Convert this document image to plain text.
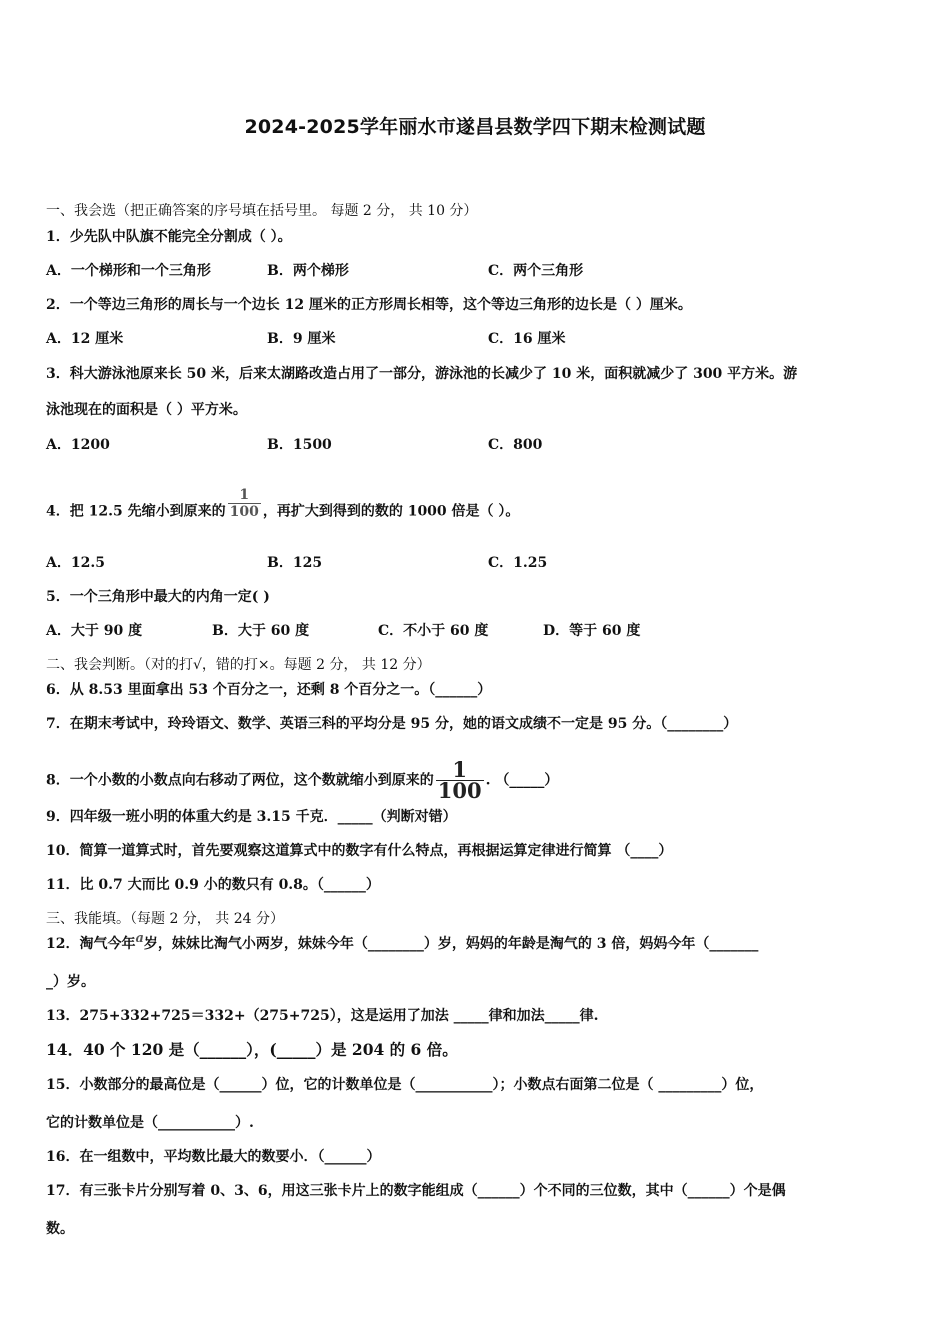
2024-2025学年丽水市遂昌县数学四下期末检测试题
一、我会选（把正确答案的序号填在括号里。 每题 2 分， 共 10 分）
1．少先队中队旗不能完全分割成（ ）。
A．一个梯形和一个三角形	B．两个梯形	C．两个三角形
2．一个等边三角形的周长与一个边长 12 厘米的正方形周长相等，这个等边三角形的边长是（ ）厘米。
A．12 厘米	B．9 厘米	C．16 厘米
3．科大游泳池原来长 50 米，后来太湖路改造占用了一部分，游泳池的长减少了 10 米，面积就减少了 300 平方米。游
泳池现在的面积是（ ）平方米。
A．1200	B．1500	C．800
4．把 12.5 先缩小到原来的 $\frac{1}{100}$ ，再扩大到得到的数的 1000 倍是（ ）。
A．12.5	B．125	C．1.25
5．一个三角形中最大的内角一定( )
A．大于 90 度	B．大于 60 度	C．不小于 60 度	D．等于 60 度
二、我会判断。（对的打√，错的打×。每题 2 分， 共 12 分）
6．从 8.53 里面拿出 53 个百分之一，还剩 8 个百分之一。（______）
7．在期末考试中，玲玲语文、数学、英语三科的平均分是 95 分，她的语文成绩不一定是 95 分。（________）
8．一个小数的小数点向右移动了两位，这个数就缩小到原来的 $\frac{1}{100}$ . （_____）
9．四年级一班小明的体重大约是 3.15 千克．_____（判断对错）
10．简算一道算式时，首先要观察这道算式中的数字有什么特点，再根据运算定律进行简算 （____）
11．比 0.7 大而比 0.9 小的数只有 0.8。（______）
三、我能填。（每题 2 分， 共 24 分）
12．淘气今年a岁，妹妹比淘气小两岁，妹妹今年（________）岁，妈妈的年龄是淘气的 3 倍，妈妈今年（_______
_）岁。
13．275+332+725＝332+（275+725），这是运用了加法 _____律和加法_____律.
14．40 个 120 是（______），(_____）是 204 的 6 倍。
15．小数部分的最高位是（______）位，它的计数单位是（___________）；小数点右面第二位是（ _________）位，
它的计数单位是（___________）.
16．在一组数中，平均数比最大的数要小．（______）
17．有三张卡片分别写着 0、3、6，用这三张卡片上的数字能组成（______）个不同的三位数，其中（______）个是偶
数。
